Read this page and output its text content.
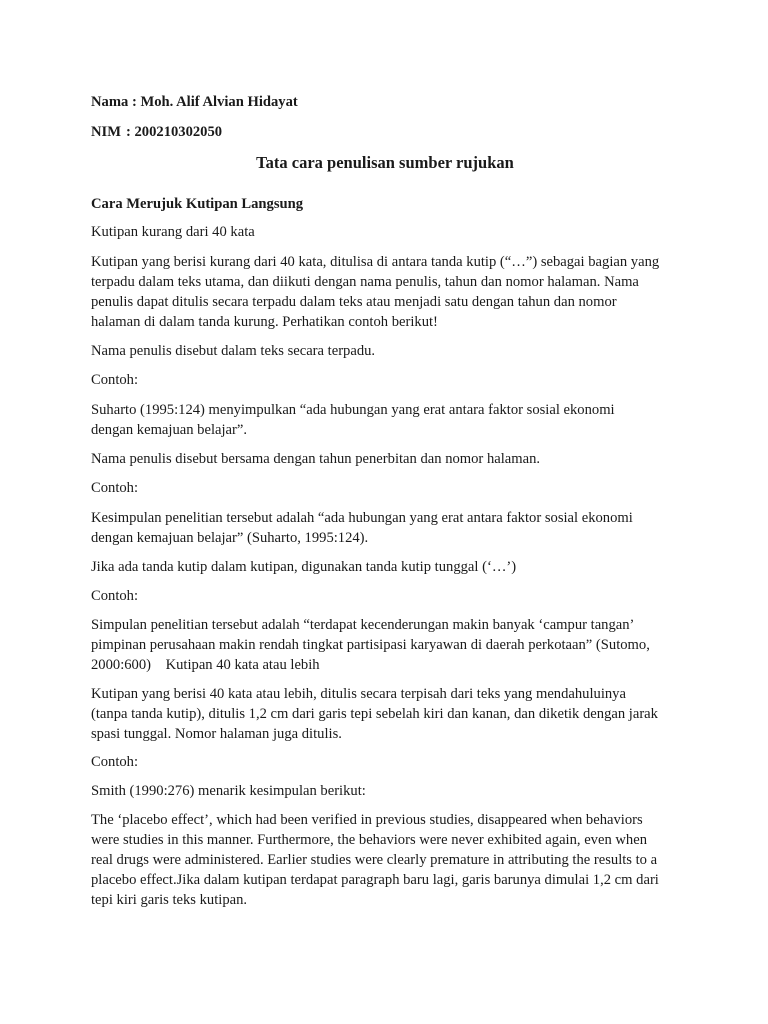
Nama : Moh. Alif Alvian Hidayat
NIM : 200210302050
Tata cara penulisan sumber rujukan
Cara Merujuk Kutipan Langsung
Kutipan kurang dari 40 kata
Kutipan yang berisi kurang dari 40 kata, ditulisa di antara tanda kutip (“…”) sebagai bagian yang
terpadu dalam teks utama, dan diikuti dengan nama penulis, tahun dan nomor halaman. Nama
penulis dapat ditulis secara terpadu dalam teks atau menjadi satu dengan tahun dan nomor
halaman di dalam tanda kurung. Perhatikan contoh berikut!
Nama penulis disebut dalam teks secara terpadu.
Contoh:
Suharto (1995:124) menyimpulkan “ada hubungan yang erat antara faktor sosial ekonomi
dengan kemajuan belajar”.
Nama penulis disebut bersama dengan tahun penerbitan dan nomor halaman.
Contoh:
Kesimpulan penelitian tersebut adalah “ada hubungan yang erat antara faktor sosial ekonomi
dengan kemajuan belajar” (Suharto, 1995:124).
Jika ada tanda kutip dalam kutipan, digunakan tanda kutip tunggal (‘…’)
Contoh:
Simpulan penelitian tersebut adalah “terdapat kecenderungan makin banyak ‘campur tangan’
pimpinan perusahaan makin rendah tingkat partisipasi karyawan di daerah perkotaan” (Sutomo,
2000:600)    Kutipan 40 kata atau lebih
Kutipan yang berisi 40 kata atau lebih, ditulis secara terpisah dari teks yang mendahuluinya
(tanpa tanda kutip), ditulis 1,2 cm dari garis tepi sebelah kiri dan kanan, dan diketik dengan jarak
spasi tunggal. Nomor halaman juga ditulis.
Contoh:
Smith (1990:276) menarik kesimpulan berikut:
The ‘placebo effect’, which had been verified in previous studies, disappeared when behaviors
were studies in this manner. Furthermore, the behaviors were never exhibited again, even when
real drugs were administered. Earlier studies were clearly premature in attributing the results to a
placebo effect.Jika dalam kutipan terdapat paragraph baru lagi, garis barunya dimulai 1,2 cm dari
tepi kiri garis teks kutipan.
